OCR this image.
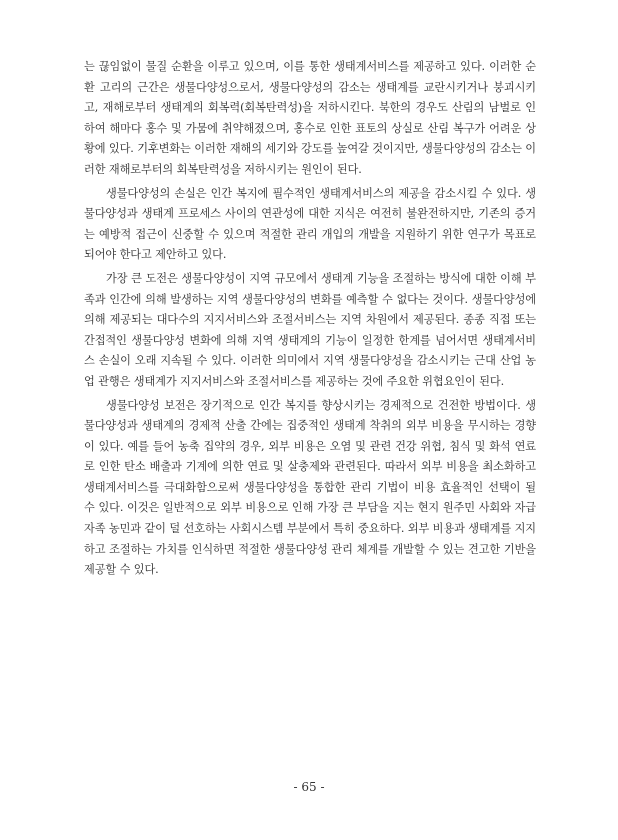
는 끊임없이 물질 순환을 이루고 있으며, 이를 통한 생태계서비스를 제공하고 있다. 이러한 순환 고리의 근간은 생물다양성으로서, 생물다양성의 감소는 생태계를 교란시키거나 붕괴시키고, 재해로부터 생태계의 회복력(회복탄력성)을 저하시킨다. 북한의 경우도 산림의 남벌로 인하여 해마다 홍수 및 가뭄에 취약해졌으며, 홍수로 인한 표토의 상실로 산림 복구가 어려운 상황에 있다. 기후변화는 이러한 재해의 세기와 강도를 높여갈 것이지만, 생물다양성의 감소는 이러한 재해로부터의 회복탄력성을 저하시키는 원인이 된다.

생물다양성의 손실은 인간 복지에 필수적인 생태계서비스의 제공을 감소시킬 수 있다. 생물다양성과 생태계 프로세스 사이의 연관성에 대한 지식은 여전히 불완전하지만, 기존의 증거는 예방적 접근이 신중할 수 있으며 적절한 관리 개입의 개발을 지원하기 위한 연구가 목표로 되어야 한다고 제안하고 있다.

가장 큰 도전은 생물다양성이 지역 규모에서 생태계 기능을 조절하는 방식에 대한 이해 부족과 인간에 의해 발생하는 지역 생물다양성의 변화를 예측할 수 없다는 것이다. 생물다양성에 의해 제공되는 대다수의 지지서비스와 조절서비스는 지역 차원에서 제공된다. 종종 직접 또는 간접적인 생물다양성 변화에 의해 지역 생태계의 기능이 일정한 한계를 넘어서면 생태계서비스 손실이 오래 지속될 수 있다. 이러한 의미에서 지역 생물다양성을 감소시키는 근대 산업 농업 관행은 생태계가 지지서비스와 조절서비스를 제공하는 것에 주요한 위협요인이 된다.

생물다양성 보전은 장기적으로 인간 복지를 향상시키는 경제적으로 건전한 방법이다. 생물다양성과 생태계의 경제적 산출 간에는 집중적인 생태계 착취의 외부 비용을 무시하는 경향이 있다. 예를 들어 농축 집약의 경우, 외부 비용은 오염 및 관련 건강 위협, 침식 및 화석 연료로 인한 탄소 배출과 기계에 의한 연료 및 살충제와 관련된다. 따라서 외부 비용을 최소화하고 생태계서비스를 극대화함으로써 생물다양성을 통합한 관리 기법이 비용 효율적인 선택이 될 수 있다. 이것은 일반적으로 외부 비용으로 인해 가장 큰 부담을 지는 현지 원주민 사회와 자급자족 농민과 같이 덜 선호하는 사회시스템 부분에서 특히 중요하다. 외부 비용과 생태계를 지지하고 조절하는 가치를 인식하면 적절한 생물다양성 관리 체계를 개발할 수 있는 견고한 기반을 제공할 수 있다.

- 65 -
